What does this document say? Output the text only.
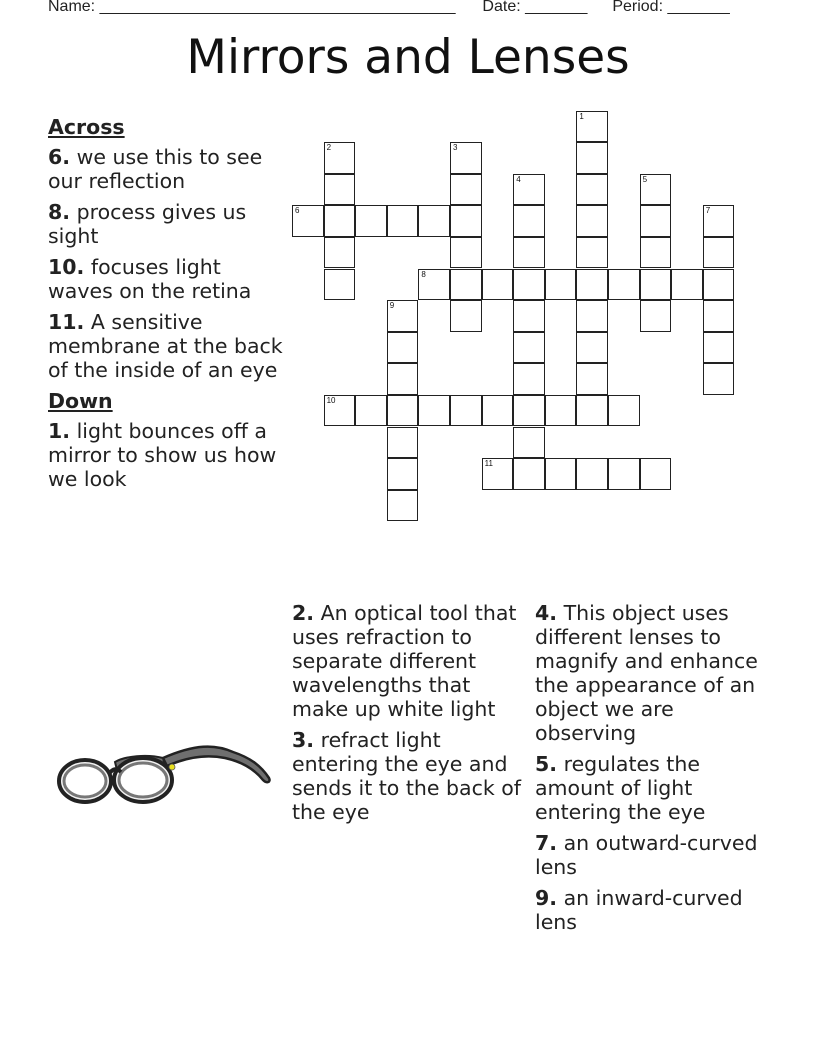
Name: ________________________________________ Date: _______ Period: _______
Mirrors and Lenses
Across
6. we use this to see our reflection
8. process gives us sight
10. focuses light waves on the retina
11. A sensitive membrane at the back of the inside of an eye
Down
1. light bounces off a mirror to show us how we look
2. An optical tool that uses refraction to separate different wavelengths that make up white light
3. refract light entering the eye and sends it to the back of the eye
4. This object uses different lenses to magnify and enhance the appearance of an object we are observing
5. regulates the amount of light entering the eye
7. an outward-curved lens
9. an inward-curved lens
1
2	3
4	5
6	7
8
9
10
11
